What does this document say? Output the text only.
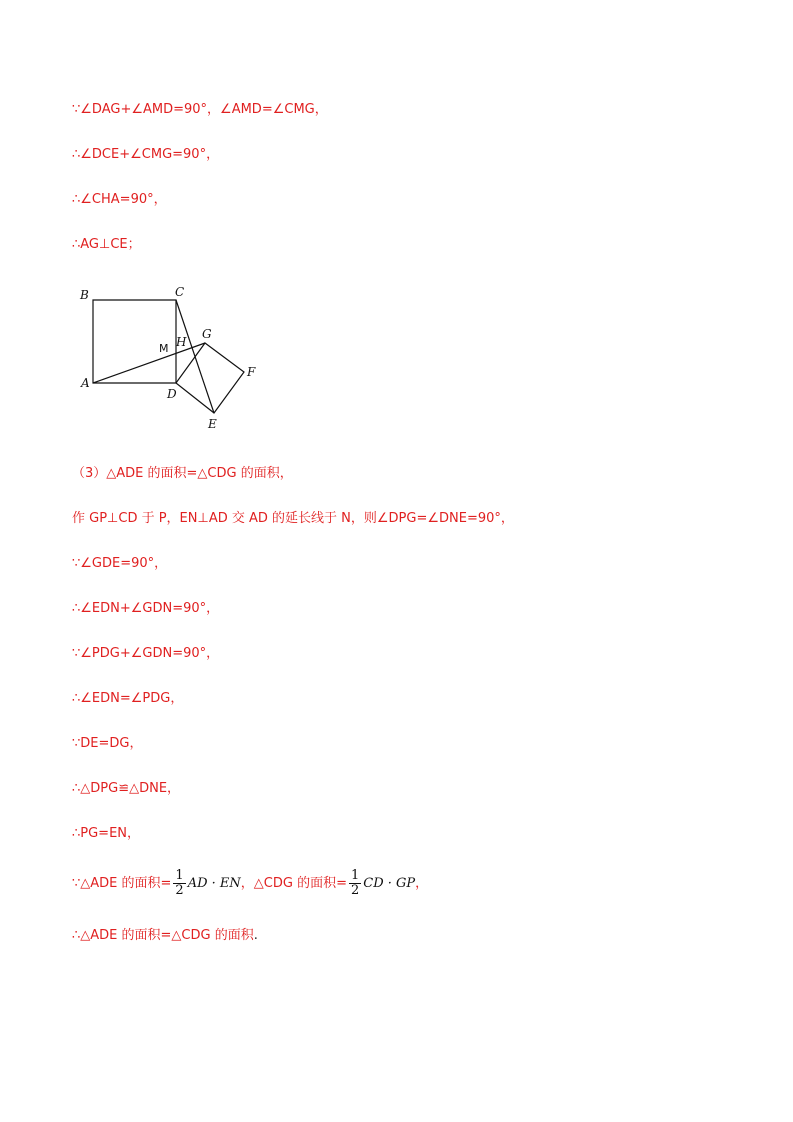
∵∠DAG+∠AMD=90°，∠AMD=∠CMG，
∴∠DCE+∠CMG=90°，
∴∠CHA=90°，
∴AG⊥CE；
B	C
A
D
G
H
M
F
E
（3）△ADE 的面积=△CDG 的面积，
作 GP⊥CD 于 P，EN⊥AD 交 AD 的延长线于 N，则∠DPG=∠DNE=90°，
∵∠GDE=90°，
∴∠EDN+∠GDN=90°，
∵∠PDG+∠GDN=90°，
∴∠EDN=∠PDG，
∵DE=DG，
∴△DPG≌△DNE，
∴PG=EN，
∵△ADE 的面积= $\frac{1}{2}$ AD · EN，△CDG 的面积= $\frac{1}{2}$ CD · GP，
∴△ADE 的面积=△CDG 的面积.
